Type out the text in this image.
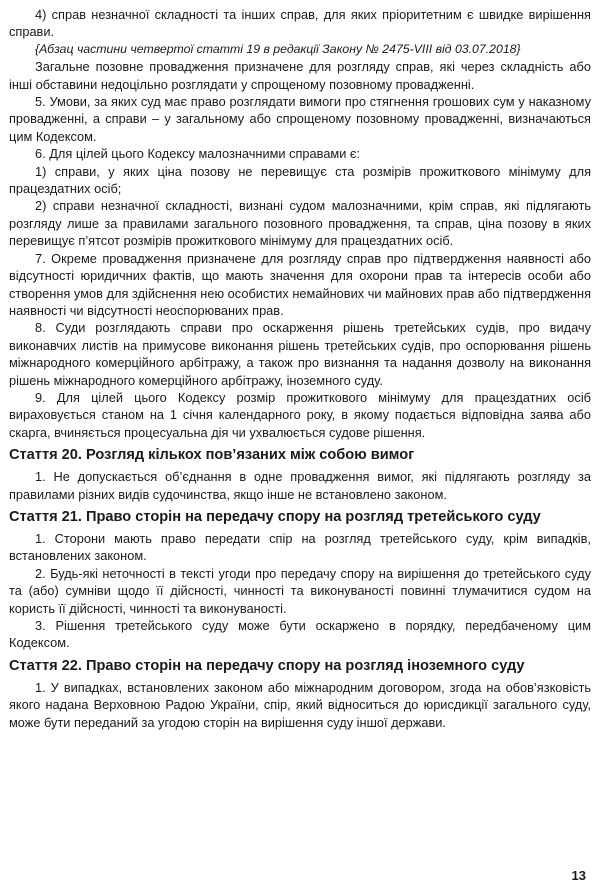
4) справ незначної складності та інших справ, для яких пріоритетним є швидке вирішення справи.

{Абзац частини четвертої статті 19 в редакції Закону № 2475-VIII від 03.07.2018}

Загальне позовне провадження призначене для розгляду справ, які через складність або інші обставини недоцільно розглядати у спрощеному позовному провадженні.

5. Умови, за яких суд має право розглядати вимоги про стягнення грошових сум у наказному провадженні, а справи – у загальному або спрощеному позовному провадженні, визначаються цим Кодексом.

6. Для цілей цього Кодексу малозначними справами є:

1) справи, у яких ціна позову не перевищує ста розмірів прожиткового мінімуму для працездатних осіб;

2) справи незначної складності, визнані судом малозначними, крім справ, які підлягають розгляду лише за правилами загального позовного провадження, та справ, ціна позову в яких перевищує п’ятсот розмірів прожиткового мінімуму для працездатних осіб.

7. Окреме провадження призначене для розгляду справ про підтвердження наявності або відсутності юридичних фактів, що мають значення для охорони прав та інтересів особи або створення умов для здійснення нею особистих немайнових чи майнових прав або підтвердження наявності чи відсутності неоспорюваних прав.

8. Суди розглядають справи про оскарження рішень третейських судів, про видачу виконавчих листів на примусове виконання рішень третейських судів, про оспорювання рішень міжнародного комерційного арбітражу, а також про визнання та надання дозволу на виконання рішень міжнародного комерційного арбітражу, іноземного суду.

9. Для цілей цього Кодексу розмір прожиткового мінімуму для працездатних осіб вираховується станом на 1 січня календарного року, в якому подається відповідна заява або скарга, вчиняється процесуальна дія чи ухвалюється судове рішення.

Стаття 20. Розгляд кількох пов’язаних між собою вимог

1. Не допускається об’єднання в одне провадження вимог, які підлягають розгляду за правилами різних видів судочинства, якщо інше не встановлено законом.

Стаття 21. Право сторін на передачу спору на розгляд третейського суду

1. Сторони мають право передати спір на розгляд третейського суду, крім випадків, встановлених законом.

2. Будь-які неточності в тексті угоди про передачу спору на вирішення до третейського суду та (або) сумніви щодо її дійсності, чинності та виконуваності повинні тлумачитися судом на користь її дійсності, чинності та виконуваності.

3. Рішення третейського суду може бути оскаржено в порядку, передбаченому цим Кодексом.

Стаття 22. Право сторін на передачу спору на розгляд іноземного суду

1. У випадках, встановлених законом або міжнародним договором, згода на обов’язковість якого надана Верховною Радою України, спір, який відноситься до юрисдикції загального суду, може бути переданий за угодою сторін на вирішення суду іншої держави.

13
